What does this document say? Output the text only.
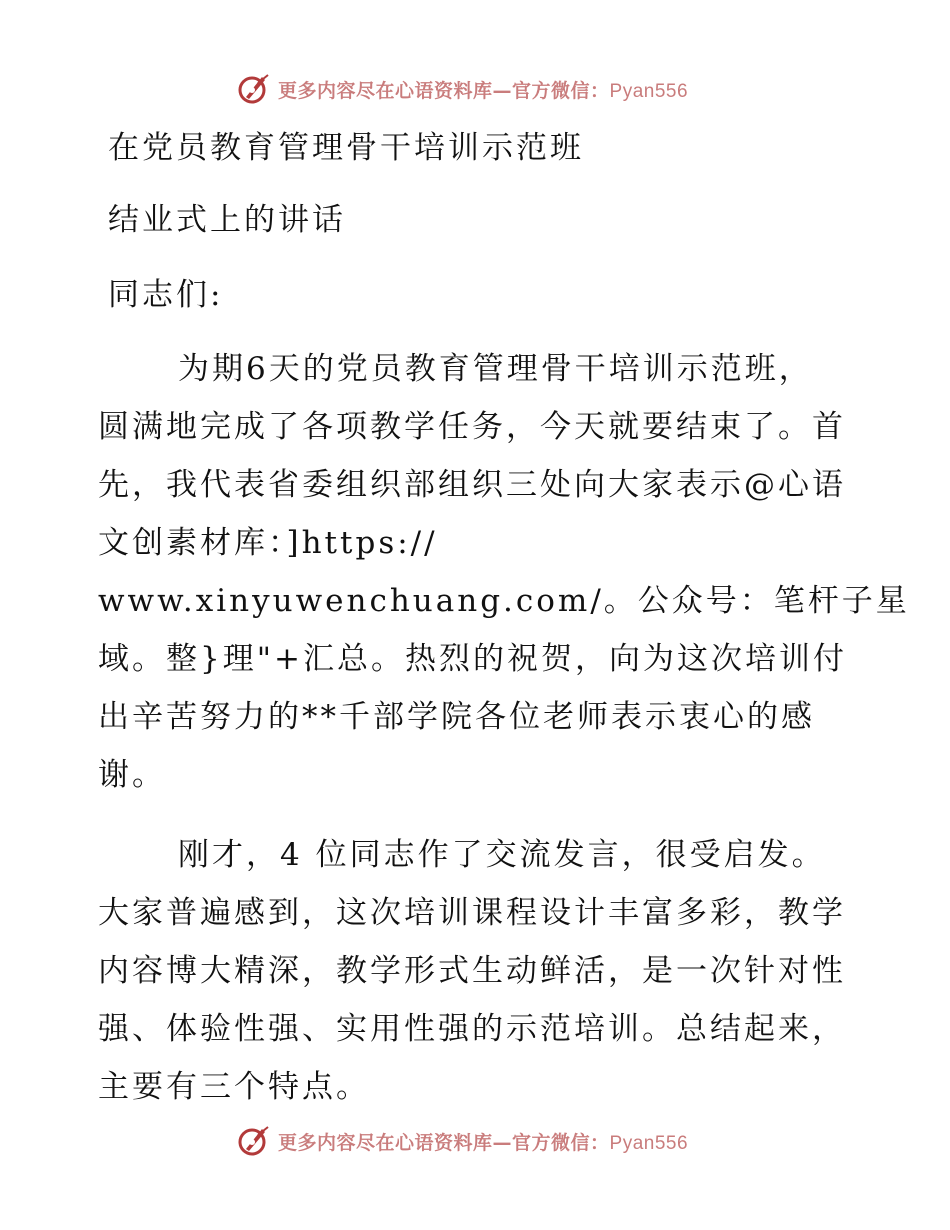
更多内容尽在心语资料库—官方微信：Pyan556
在党员教育管理骨干培训示范班
结业式上的讲话
同志们:
为期6天的党员教育管理骨干培训示范班，
圆满地完成了各项教学任务，今天就要结束了。首
先，我代表省委组织部组织三处向大家表示@心语
文创素材库：]https://
www.xinyuwenchuang.com/。公众号：笔杆子星
域。整}理"+汇总。热烈的祝贺，向为这次培训付
出辛苦努力的**千部学院各位老师表示衷心的感
谢。
刚才，4 位同志作了交流发言，很受启发。
大家普遍感到，这次培训课程设计丰富多彩，教学
内容博大精深，教学形式生动鲜活，是一次针对性
强、体验性强、实用性强的示范培训。总结起来，
主要有三个特点。
更多内容尽在心语资料库—官方微信：Pyan556
